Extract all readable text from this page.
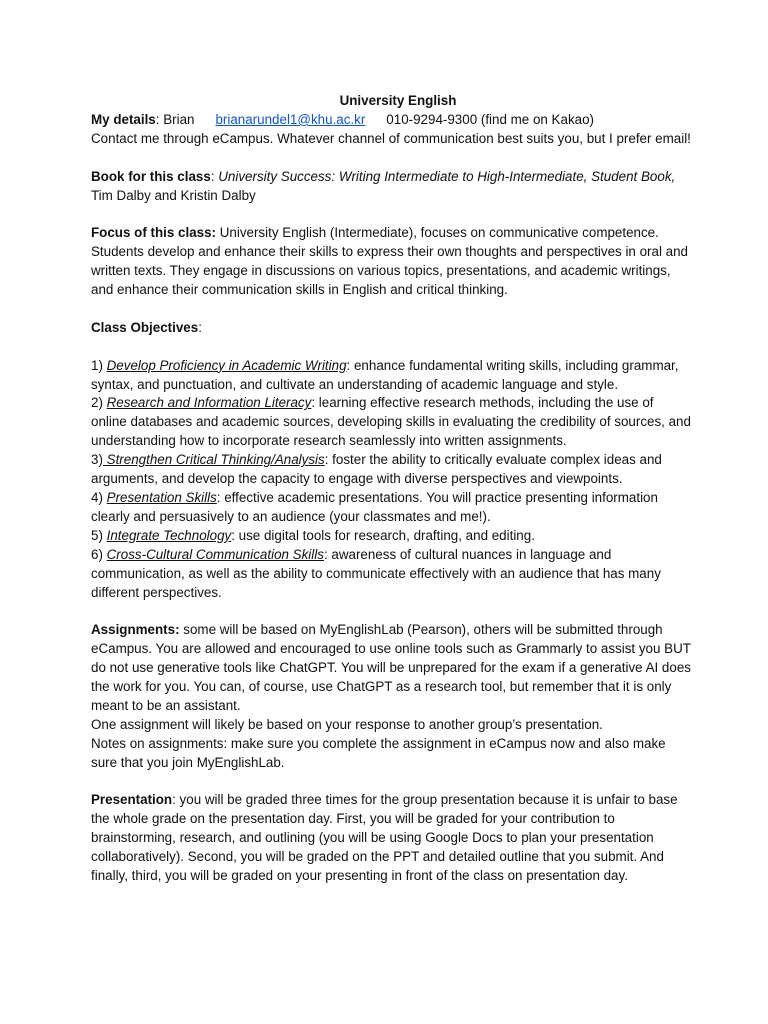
University English

My details: Brian brianarundel1@khu.ac.kr 010-9294-9300 (find me on Kakao)

Contact me through eCampus. Whatever channel of communication best suits you, but I prefer email!

Book for this class: University Success: Writing Intermediate to High-Intermediate, Student Book, Tim Dalby and Kristin Dalby

Focus of this class: University English (Intermediate), focuses on communicative competence. Students develop and enhance their skills to express their own thoughts and perspectives in oral and written texts. They engage in discussions on various topics, presentations, and academic writings, and enhance their communication skills in English and critical thinking.

Class Objectives:

1) Develop Proficiency in Academic Writing: enhance fundamental writing skills, including grammar, syntax, and punctuation, and cultivate an understanding of academic language and style.

2) Research and Information Literacy: learning effective research methods, including the use of online databases and academic sources, developing skills in evaluating the credibility of sources, and understanding how to incorporate research seamlessly into written assignments.

3) Strengthen Critical Thinking/Analysis: foster the ability to critically evaluate complex ideas and arguments, and develop the capacity to engage with diverse perspectives and viewpoints.

4) Presentation Skills: effective academic presentations. You will practice presenting information clearly and persuasively to an audience (your classmates and me!).

5) Integrate Technology: use digital tools for research, drafting, and editing.

6) Cross-Cultural Communication Skills: awareness of cultural nuances in language and communication, as well as the ability to communicate effectively with an audience that has many different perspectives.

Assignments: some will be based on MyEnglishLab (Pearson), others will be submitted through eCampus. You are allowed and encouraged to use online tools such as Grammarly to assist you BUT do not use generative tools like ChatGPT. You will be unprepared for the exam if a generative AI does the work for you. You can, of course, use ChatGPT as a research tool, but remember that it is only meant to be an assistant.

One assignment will likely be based on your response to another group’s presentation.

Notes on assignments: make sure you complete the assignment in eCampus now and also make sure that you join MyEnglishLab.

Presentation: you will be graded three times for the group presentation because it is unfair to base the whole grade on the presentation day. First, you will be graded for your contribution to brainstorming, research, and outlining (you will be using Google Docs to plan your presentation collaboratively). Second, you will be graded on the PPT and detailed outline that you submit. And finally, third, you will be graded on your presenting in front of the class on presentation day.
